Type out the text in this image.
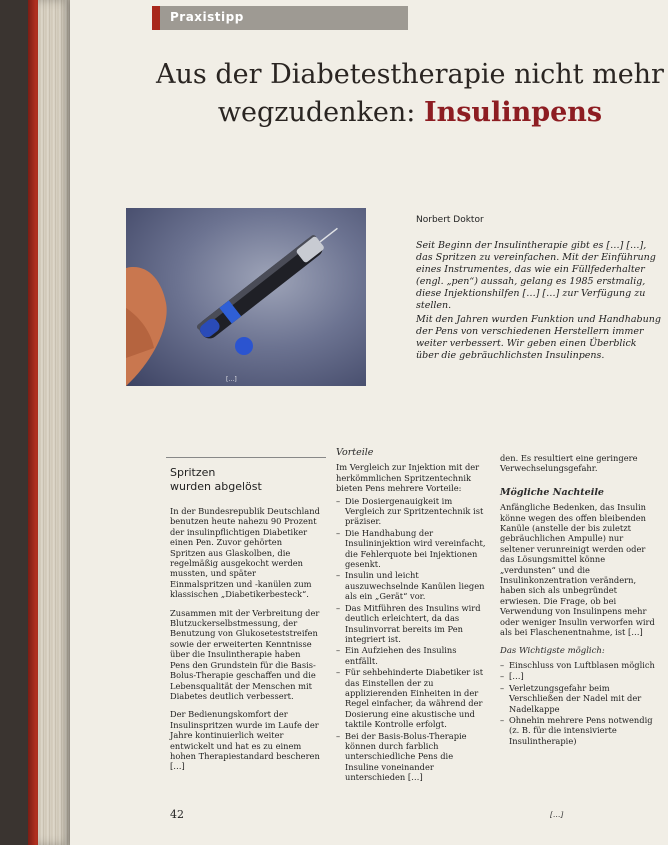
Praxistipp
Aus der Diabetestherapie nicht mehr
wegzudenken: Insulinpens
[…]
Norbert Doktor

Seit Beginn der Insulintherapie gibt es […] […], das Spritzen zu vereinfachen. Mit der Einführung eines Instrumentes, das wie ein Füllfederhalter (engl. „pen“) aussah, gelang es 1985 erstmalig, diese Injektionshilfen […] […] zur Verfügung zu stellen.

Mit den Jahren wurden Funktion und Handhabung der Pens von verschiedenen Herstellern immer weiter verbessert. Wir geben einen Überblick über die gebräuchlichsten Insulinpens.

Spritzen
wurden abgelöst

In der Bundesrepublik Deutschland benutzen heute nahezu 90 Prozent der insulinpflichtigen Diabetiker einen Pen. Zuvor gehörten Spritzen aus Glaskolben, die regelmäßig ausgekocht werden mussten, und später Einmalspritzen und -kanülen zum klassischen „Diabetikerbesteck“.

Zusammen mit der Verbreitung der Blutzuckerselbstmessung, der Benutzung von Glukoseteststreifen sowie der erweiterten Kenntnisse über die Insulintherapie haben Pens den Grundstein für die Basis-Bolus-Therapie geschaffen und die Lebensqualität der Menschen mit Diabetes deutlich verbessert.

Der Bedienungskomfort der Insulinspritzen wurde im Laufe der Jahre kontinuierlich weiter entwickelt und hat es zu einem hohen Therapiestandard bescheren […]

Vorteile

Im Vergleich zur Injektion mit der herkömmlichen Spritzentechnik bieten Pens mehrere Vorteile:

– Die Dosiergenauigkeit im Vergleich zur Spritzentechnik ist präziser.
– Die Handhabung der Insulininjektion wird vereinfacht, die Fehlerquote bei Injektionen gesenkt.
– Insulin und leicht auszuwechselnde Kanülen liegen als ein „Gerät“ vor.
– Das Mitführen des Insulins wird deutlich erleichtert, da das Insulinvorrat bereits im Pen integriert ist.
– Ein Aufziehen des Insulins entfällt.
– Für sehbehinderte Diabetiker ist das Einstellen der zu applizierenden Einheiten in der Regel einfacher, da während der Dosierung eine akustische und taktile Kontrolle erfolgt.
– Bei der Basis-Bolus-Therapie können durch farblich unterschiedliche Pens die Insuline voneinander unterschieden […]

den. Es resultiert eine geringere Verwechselungsgefahr.

Mögliche Nachteile

Anfängliche Bedenken, das Insulin könne wegen des offen bleibenden Kanüle (anstelle der bis zuletzt gebräuchlichen Ampulle) nur seltener verunreinigt werden oder das Lösungsmittel könne „verdunsten“ und die Insulinkonzentration verändern, haben sich als unbegründet erwiesen. Die Frage, ob bei Verwendung von Insulinpens mehr oder weniger Insulin verworfen wird als bei Flaschenentnahme, ist […]

Das Wichtigste möglich:
– Einschluss von Luftblasen möglich
– […]
– Verletzungsgefahr beim Verschließen der Nadel mit der Nadelkappe
– Ohnehin mehrere Pens notwendig (z. B. für die intensivierte Insulintherapie)
42	[…]
